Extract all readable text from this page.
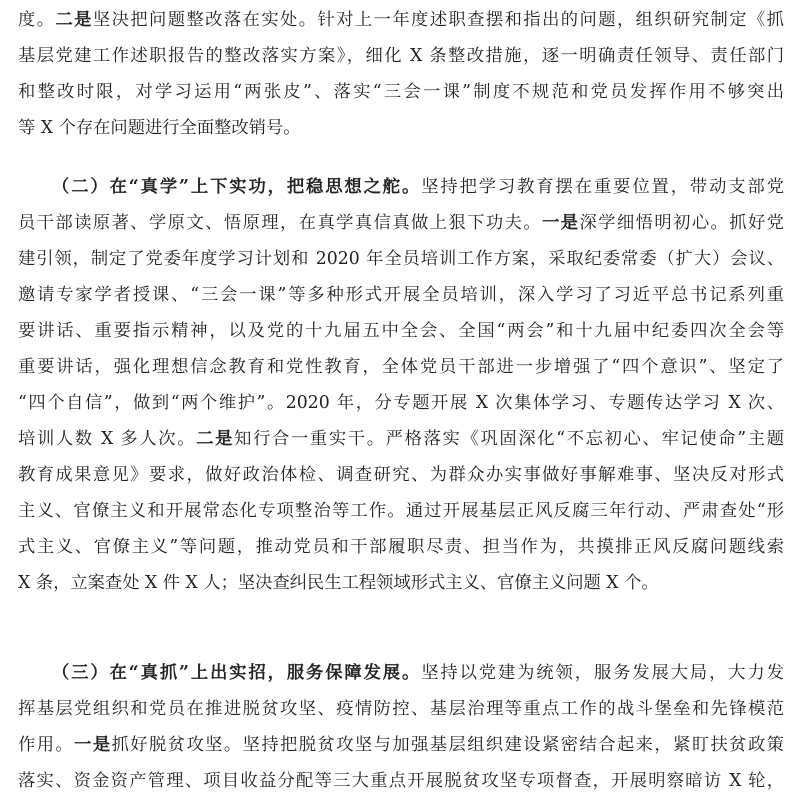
度。二是坚决把问题整改落在实处。针对上一年度述职查摆和指出的问题，组织研究制定《抓
基层党建工作述职报告的整改落实方案》，细化 X 条整改措施，逐一明确责任领导、责任部门
和整改时限，对学习运用“两张皮”、落实“三会一课”制度不规范和党员发挥作用不够突出
等 X 个存在问题进行全面整改销号。
（二）在“真学”上下实功，把稳思想之舵。坚持把学习教育摆在重要位置，带动支部党
员干部读原著、学原文、悟原理，在真学真信真做上狠下功夫。一是深学细悟明初心。抓好党
建引领，制定了党委年度学习计划和 2020 年全员培训工作方案，采取纪委常委（扩大）会议、
邀请专家学者授课、“三会一课”等多种形式开展全员培训，深入学习了习近平总书记系列重
要讲话、重要指示精神，以及党的十九届五中全会、全国“两会”和十九届中纪委四次全会等
重要讲话，强化理想信念教育和党性教育，全体党员干部进一步增强了“四个意识”、坚定了
“四个自信”，做到“两个维护”。2020 年，分专题开展 X 次集体学习、专题传达学习 X 次、
培训人数 X 多人次。二是知行合一重实干。严格落实《巩固深化“不忘初心、牢记使命”主题
教育成果意见》要求，做好政治体检、调查研究、为群众办实事做好事解难事、坚决反对形式
主义、官僚主义和开展常态化专项整治等工作。通过开展基层正风反腐三年行动、严肃查处“形
式主义、官僚主义”等问题，推动党员和干部履职尽责、担当作为，共摸排正风反腐问题线索
X 条，立案查处 X 件 X 人；坚决查纠民生工程领域形式主义、官僚主义问题 X 个。
（三）在“真抓”上出实招，服务保障发展。坚持以党建为统领，服务发展大局，大力发
挥基层党组织和党员在推进脱贫攻坚、疫情防控、基层治理等重点工作的战斗堡垒和先锋模范
作用。一是抓好脱贫攻坚。坚持把脱贫攻坚与加强基层组织建设紧密结合起来，紧盯扶贫政策
落实、资金资产管理、项目收益分配等三大重点开展脱贫攻坚专项督查，开展明察暗访 X 轮，
